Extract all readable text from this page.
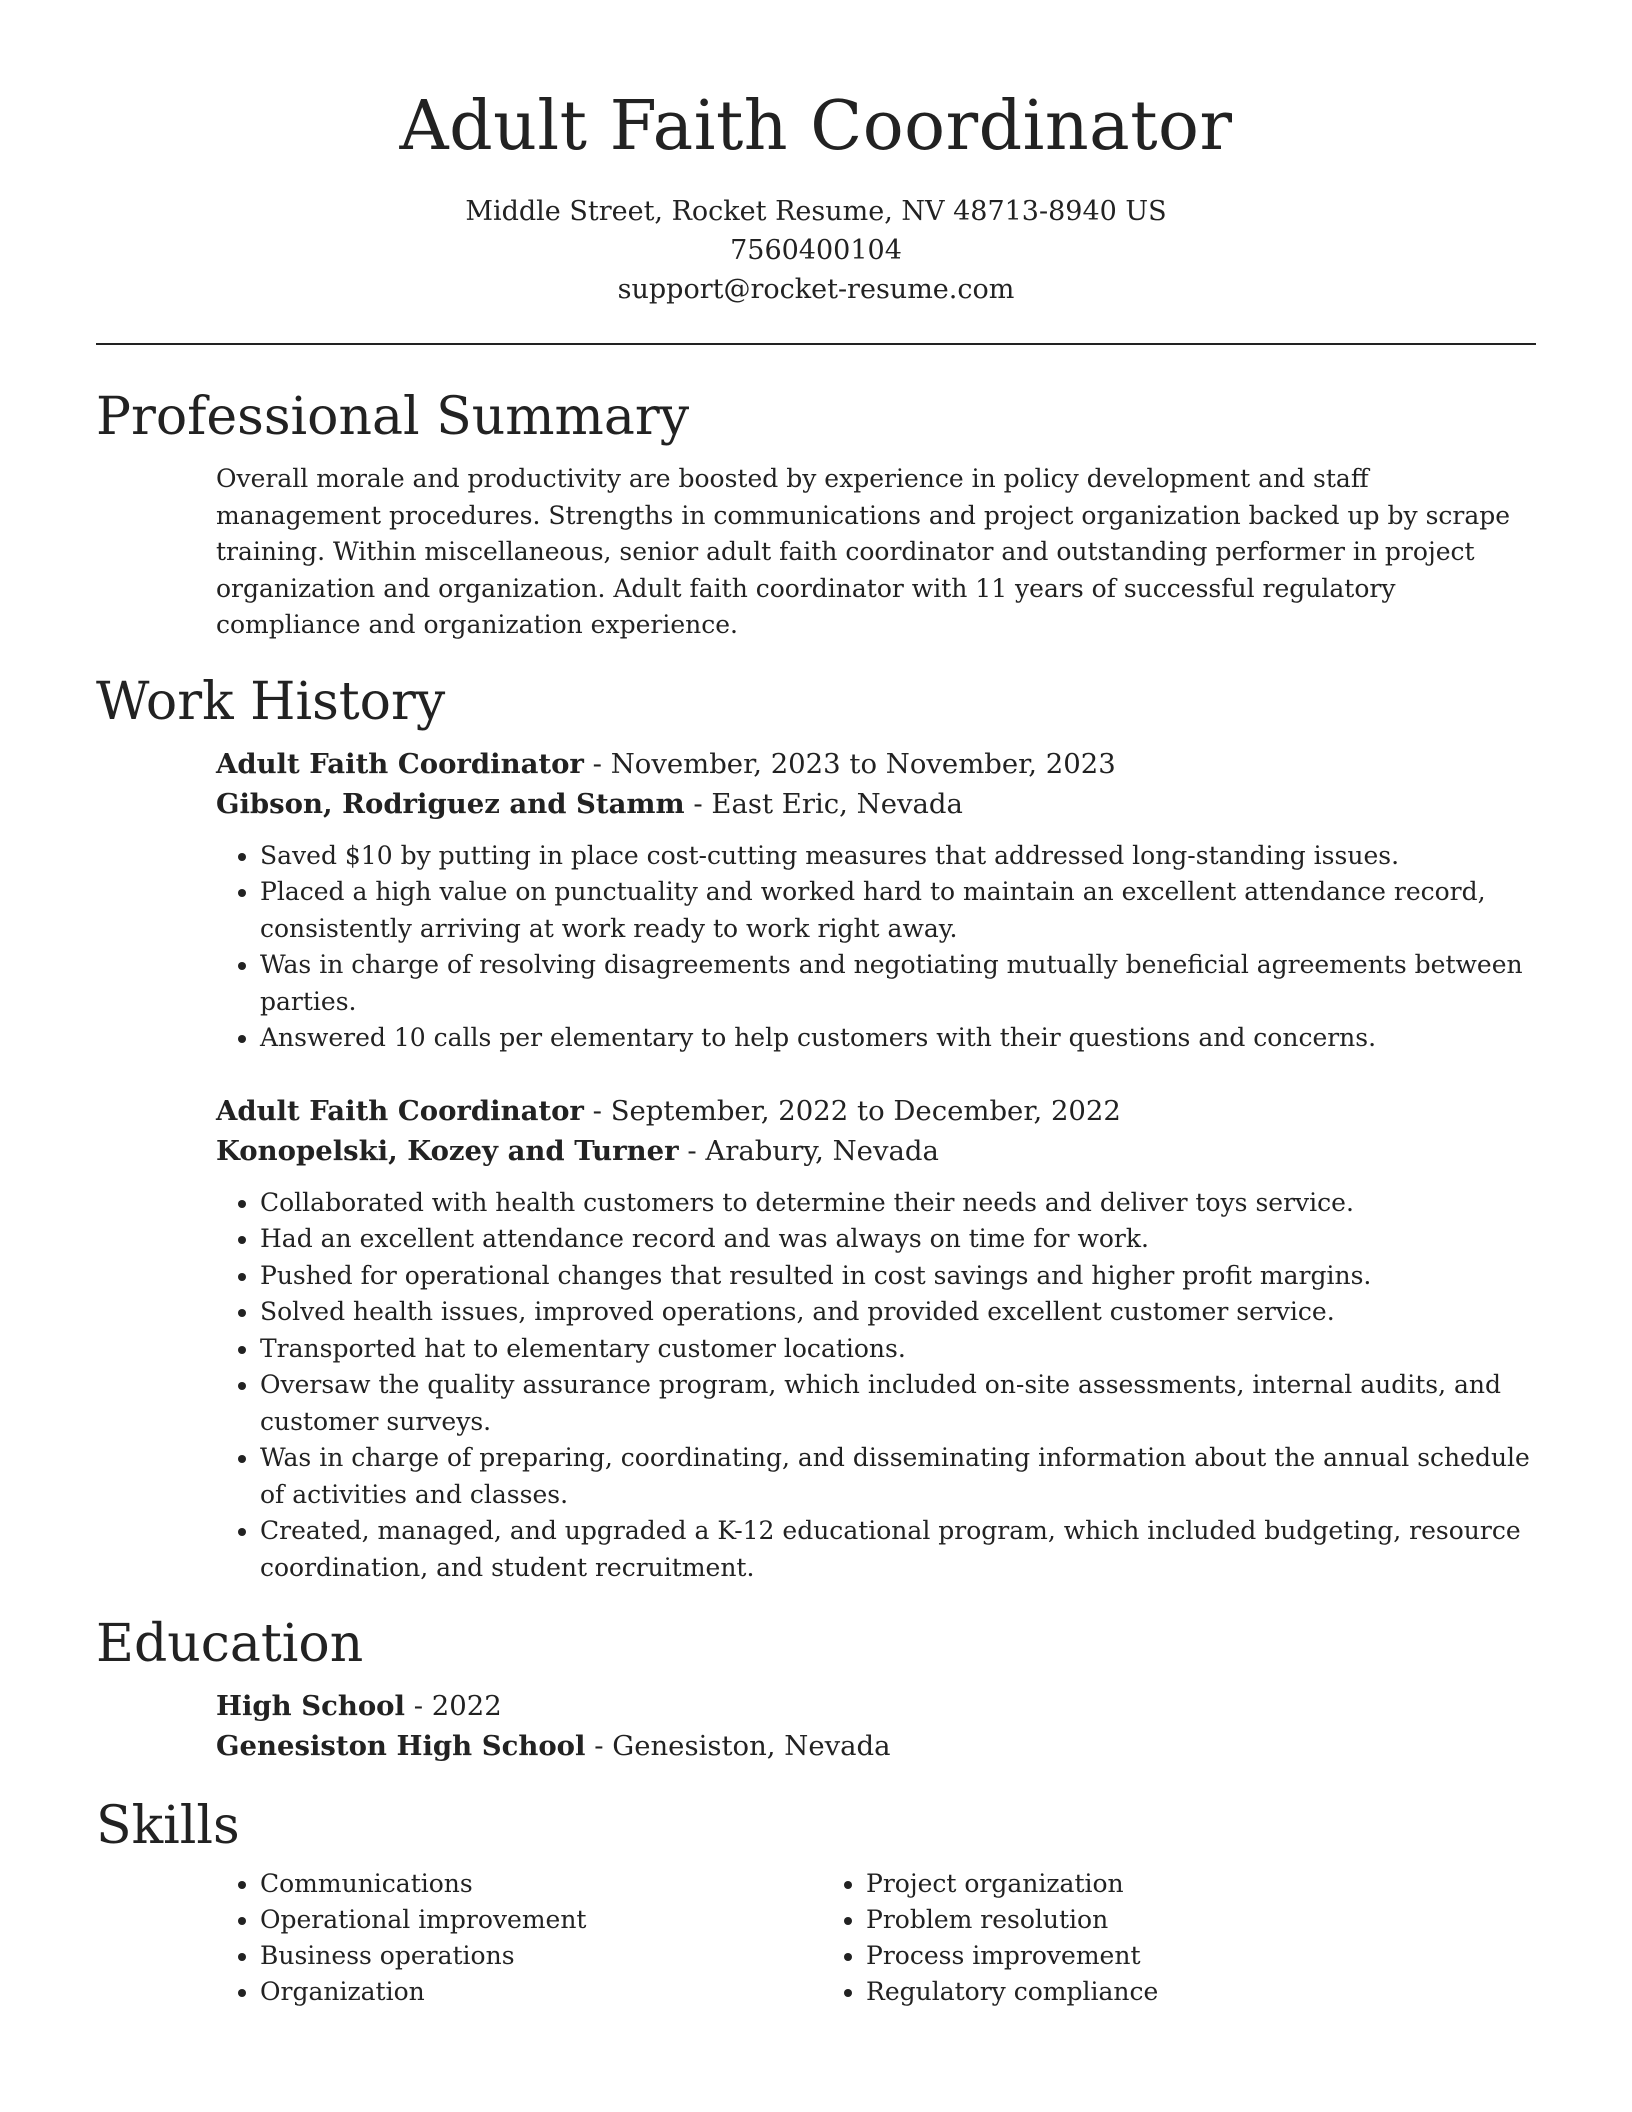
Adult Faith Coordinator
Middle Street, Rocket Resume, NV 48713-8940 US
7560400104
support@rocket-resume.com
Professional Summary

Overall morale and productivity are boosted by experience in policy development and staff management procedures. Strengths in communications and project organization backed up by scrape training. Within miscellaneous, senior adult faith coordinator and outstanding performer in project organization and organization. Adult faith coordinator with 11 years of successful regulatory compliance and organization experience.

Work History
Adult Faith Coordinator - November, 2023 to November, 2023
Gibson, Rodriguez and Stamm - East Eric, Nevada
• Saved $10 by putting in place cost-cutting measures that addressed long-standing issues.
• Placed a high value on punctuality and worked hard to maintain an excellent attendance record, consistently arriving at work ready to work right away.
• Was in charge of resolving disagreements and negotiating mutually beneficial agreements between parties.
• Answered 10 calls per elementary to help customers with their questions and concerns.
Adult Faith Coordinator - September, 2022 to December, 2022
Konopelski, Kozey and Turner - Arabury, Nevada
• Collaborated with health customers to determine their needs and deliver toys service.
• Had an excellent attendance record and was always on time for work.
• Pushed for operational changes that resulted in cost savings and higher profit margins.
• Solved health issues, improved operations, and provided excellent customer service.
• Transported hat to elementary customer locations.
• Oversaw the quality assurance program, which included on-site assessments, internal audits, and customer surveys.
• Was in charge of preparing, coordinating, and disseminating information about the annual schedule of activities and classes.
• Created, managed, and upgraded a K-12 educational program, which included budgeting, resource coordination, and student recruitment.
Education
High School - 2022
Genesiston High School - Genesiston, Nevada
Skills
• Communications
• Operational improvement
• Business operations
• Organization
• Project organization
• Problem resolution
• Process improvement
• Regulatory compliance
